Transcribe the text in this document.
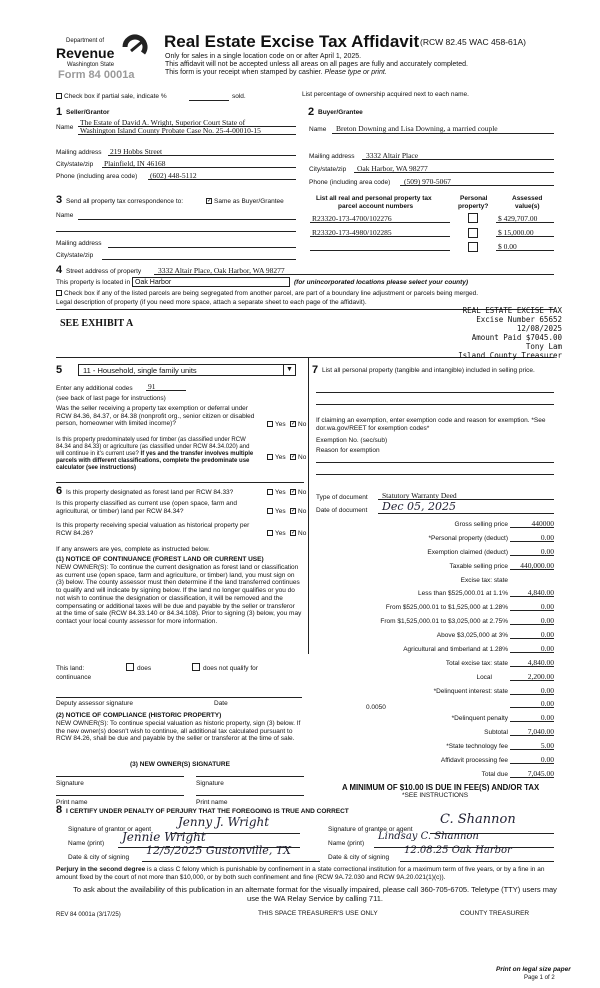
Department of
Revenue
Washington State
Form 84 0001a
Real Estate Excise Tax Affidavit (RCW 82.45 WAC 458-61A)
Only for sales in a single location code on or after April 1, 2025.
This affidavit will not be accepted unless all areas on all pages are fully and accurately completed.
This form is your receipt when stamped by cashier. Please type or print.
Check box if partial sale, indicate %	sold.	List percentage of ownership acquired next to each name.
1 Seller/Grantor
Name
The Estate of David A. Wright, Superior Court State of
Washington Island County Probate Case No. 25-4-00010-15
Mailing address 219 Hobbs Street
City/state/zip Plainfield, IN 46168
Phone (including area code) (602) 448-5112
2 Buyer/Grantee
Name Breton Downing and Lisa Downing, a married couple
Mailing address 3332 Altair Place
City/state/zip Oak Harbor, WA 98277
Phone (including area code) (509) 970-5067
3 Send all property tax correspondence to:	✓ Same as Buyer/Grantee
Name
Mailing address
City/state/zip
List all real and personal property tax
parcel account numbers
Personal
property?
Assessed
value(s)
R23320-173-4700/102276	$ 429,707.00
R23320-173-4980/102285	$ 15,000.00
$ 0.00
4 Street address of property 3332 Altair Place, Oak Harbor, WA 98277
This property is located in Oak Harbor	(for unincorporated locations please select your county)
Check box if any of the listed parcels are being segregated from another parcel, are part of a boundary line adjustment or parcels being merged.
Legal description of property (if you need more space, attach a separate sheet to each page of the affidavit).
SEE EXHIBIT A
REAL ESTATE EXCISE TAX
Excise Number 65652
12/08/2025
Amount Paid $7045.00
Tony Lam
Island County Treasurer
5	11 - Household, single family units	▼
Enter any additional codes 91
(see back of last page for instructions)
Was the seller receiving a property tax exemption or deferral under RCW 84.36, 84.37, or 84.38 (nonprofit org., senior citizen or disabled person, homeowner with limited income)?	Yes ✓ No
Is this property predominately used for timber (as classified under RCW 84.34 and 84.33) or agriculture (as classified under RCW 84.34.020) and will continue in it's current use? If yes and the transfer involves multiple parcels with different classifications, complete the predominate use calculator (see instructions)
Yes ✓ No
7 List all personal property (tangible and intangible) included in selling price.
If claiming an exemption, enter exemption code and reason for exemption. *See dor.wa.gov/REET for exemption codes*
Exemption No. (sec/sub)
Reason for exemption
Type of document Statutory Warranty Deed
Date of document Dec 05, 2025
6 Is this property designated as forest land per RCW 84.33?	Yes ✓ No
Is this property classified as current use (open space, farm and agricultural, or timber) land per RCW 84.34?	Yes ✓ No
Is this property receiving special valuation as historical property per RCW 84.26?	Yes ✓ No
If any answers are yes, complete as instructed below.
(1) NOTICE OF CONTINUANCE (FOREST LAND OR CURRENT USE)
NEW OWNER(S): To continue the current designation as forest land or classification as current use (open space, farm and agriculture, or timber) land, you must sign on (3) below. The county assessor must then determine if the land transferred continues to qualify and will indicate by signing below. If the land no longer qualifies or you do not wish to continue the designation or classification, it will be removed and the compensating or additional taxes will be due and payable by the seller or transferor at the time of sale (RCW 84.33.140 or 84.34.108). Prior to signing (3) below, you may contact your local county assessor for more information.
This land:	does	does not qualify for
continuance
Deputy assessor signature	Date
(2) NOTICE OF COMPLIANCE (HISTORIC PROPERTY)
NEW OWNER(S): To continue special valuation as historic property, sign (3) below. If the new owner(s) doesn't wish to continue, all additional tax calculated pursuant to RCW 84.26, shall be due and payable by the seller or transferor at the time of sale.
(3) NEW OWNER(S) SIGNATURE
Signature	Signature
Print name	Print name
Gross selling price	440000
*Personal property (deduct)	0.00
Exemption claimed (deduct)	0.00
Taxable selling price 440,000.00
Excise tax: state
Less than $525,000.01 at 1.1%	4,840.00
From $525,000.01 to $1,525,000 at 1.28%	0.00
From $1,525,000.01 to $3,025,000 at 2.75%	0.00
Above $3,025,000 at 3%	0.00
Agricultural and timberland at 1.28%	0.00
Total excise tax: state	4,840.00
Local	2,200.00
*Delinquent interest: state	0.00
0.00
*Delinquent penalty	0.00
Subtotal	7,040.00
*State technology fee	5.00
Affidavit processing fee	0.00
Total due	7,045.00
0.0050
A MINIMUM OF $10.00 IS DUE IN FEE(S) AND/OR TAX
*SEE INSTRUCTIONS
8 I CERTIFY UNDER PENALTY OF PERJURY THAT THE FOREGOING IS TRUE AND CORRECT
Signature of grantor or agent
Jenny J. Wright
Name (print) Jennie Wright
Date & city of signing
12/5/2025 Gustonville, TX
Signature of grantee or agent
C. Shannon
Name (print)
Lindsay C. Shannon
Date & city of signing
12.08.25 Oak Harbor
Perjury in the second degree is a class C felony which is punishable by confinement in a state correctional institution for a maximum term of five years, or by a fine in an amount fixed by the court of not more than $10,000, or by both such confinement and fine (RCW 9A.72.030 and RCW 9A.20.021(1)(c)).
To ask about the availability of this publication in an alternate format for the visually impaired, please call 360-705-6705. Teletype (TTY) users may use the WA Relay Service by calling 711.
REV 84 0001a (3/17/25)	THIS SPACE TREASURER'S USE ONLY	COUNTY TREASURER
Print on legal size paper
Page 1 of 2
